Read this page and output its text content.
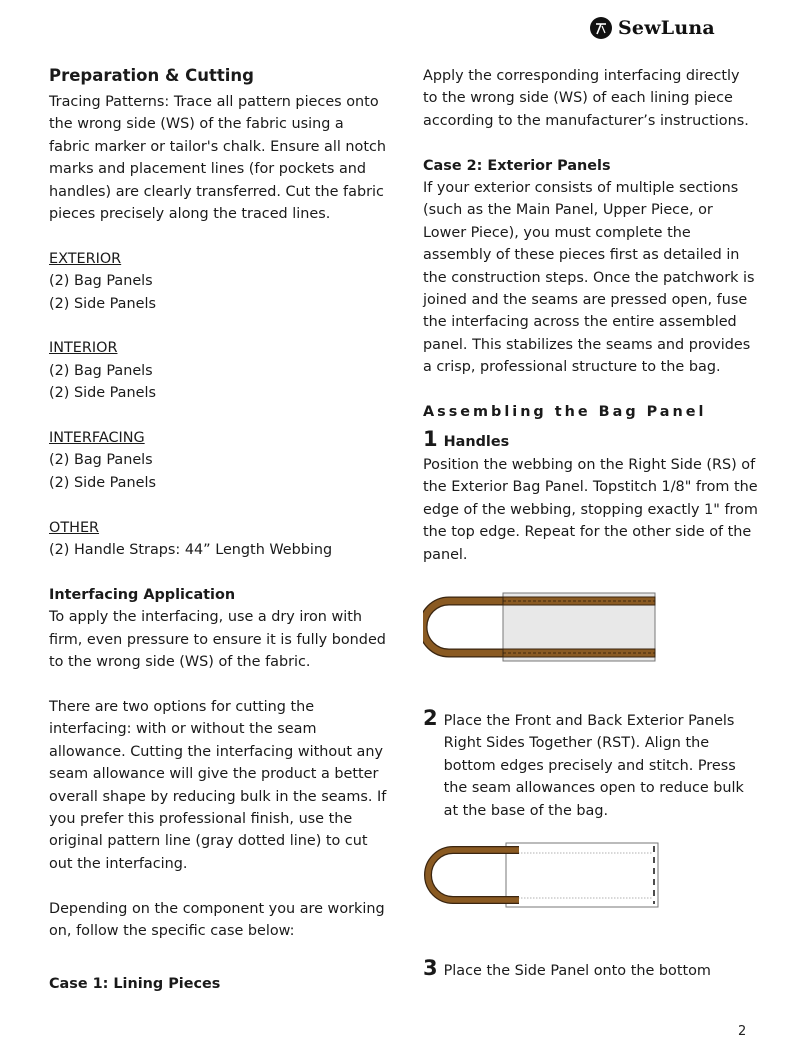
SewLuna
Preparation & Cutting

Tracing Patterns: Trace all pattern pieces onto the wrong side (WS) of the fabric using a fabric marker or tailor's chalk. Ensure all notch marks and placement lines (for pockets and handles) are clearly transferred. Cut the fabric pieces precisely along the traced lines.

EXTERIOR

(2) Bag Panels

(2) Side Panels

INTERIOR

(2) Bag Panels

(2) Side Panels

INTERFACING

(2) Bag Panels

(2) Side Panels

OTHER

(2) Handle Straps: 44” Length Webbing

Interfacing Application

To apply the interfacing, use a dry iron with firm, even pressure to ensure it is fully bonded to the wrong side (WS) of the fabric.

There are two options for cutting the interfacing: with or without the seam allowance. Cutting the interfacing without any seam allowance will give the product a better overall shape by reducing bulk in the seams. If you prefer this professional finish, use the original pattern line (gray dotted line) to cut out the interfacing.

Depending on the component you are working on, follow the specific case below:

Case 1: Lining Pieces

Apply the corresponding interfacing directly to the wrong side (WS) of each lining piece according to the manufacturer’s instructions.

Case 2: Exterior Panels

If your exterior consists of multiple sections (such as the Main Panel, Upper Piece, or Lower Piece), you must complete the assembly of these pieces first as detailed in the construction steps. Once the patchwork is joined and the seams are pressed open, fuse the interfacing across the entire assembled panel. This stabilizes the seams and provides a crisp, professional structure to the bag.

Assembling the Bag Panel

1 Handles

Position the webbing on the Right Side (RS) of the Exterior Bag Panel. Topstitch 1/8" from the edge of the webbing, stopping exactly 1" from the top edge. Repeat for the other side of the panel.

2 Place the Front and Back Exterior Panels Right Sides Together (RST). Align the bottom edges precisely and stitch. Press the seam allowances open to reduce bulk at the base of the bag.
3 Place the Side Panel onto the bottom
2
